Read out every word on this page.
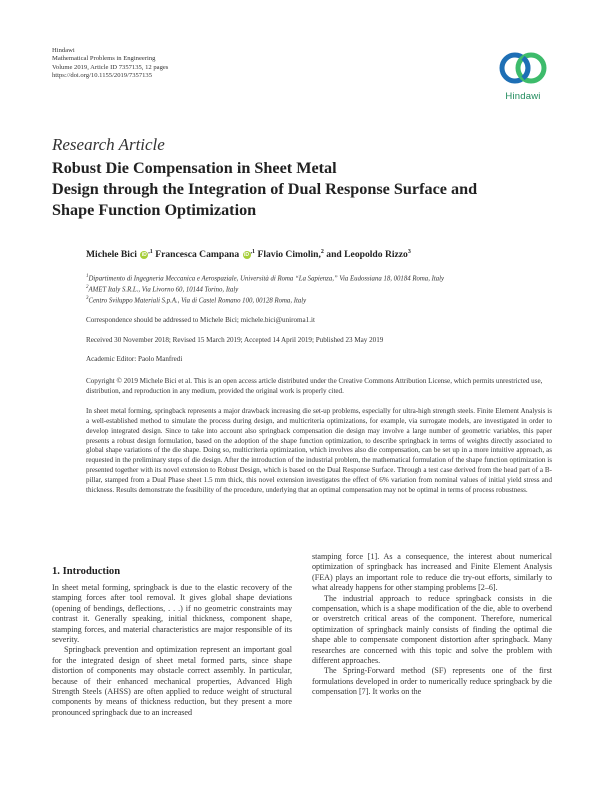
Hindawi
Mathematical Problems in Engineering
Volume 2019, Article ID 7357135, 12 pages
https://doi.org/10.1155/2019/7357135
Hindawi
Research Article
Robust Die Compensation in Sheet Metal
Design through the Integration of Dual Response Surface and
Shape Function Optimization
Michele Bici $iD^{,1}$ Francesca Campana $iD^{,1}$ Flavio Cimolin,$^2$ and Leopoldo Rizzo$^3$
$^1$Dipartimento di Ingegneria Meccanica e Aerospaziale, Università di Roma “La Sapienza,” Via Eudossiana 18, 00184 Roma, Italy
$^2$AMET Italy S.R.L., Via Livorno 60, 10144 Torino, Italy
$^3$Centro Sviluppo Materiali S.p.A., Via di Castel Romano 100, 00128 Roma, Italy
Correspondence should be addressed to Michele Bici; michele.bici@uniroma1.it
Received 30 November 2018; Revised 15 March 2019; Accepted 14 April 2019; Published 23 May 2019
Academic Editor: Paolo Manfredi
Copyright © 2019 Michele Bici et al. This is an open access article distributed under the Creative Commons Attribution License, which permits unrestricted use, distribution, and reproduction in any medium, provided the original work is properly cited.
In sheet metal forming, springback represents a major drawback increasing die set-up problems, especially for ultra-high strength steels. Finite Element Analysis is a well-established method to simulate the process during design, and multicriteria optimizations, for example, via surrogate models, are investigated in order to develop integrated design. Since to take into account also springback compensation die design may involve a large number of geometric variables, this paper presents a robust design formulation, based on the adoption of the shape function optimization, to describe springback in terms of weights directly associated to global shape variations of the die shape. Doing so, multicriteria optimization, which involves also die compensation, can be set up in a more intuitive approach, as requested in the preliminary steps of die design. After the introduction of the industrial problem, the mathematical formulation of the shape function optimization is presented together with its novel extension to Robust Design, which is based on the Dual Response Surface. Through a test case derived from the head part of a B-pillar, stamped from a Dual Phase sheet 1.5 mm thick, this novel extension investigates the effect of 6% variation from nominal values of initial yield stress and thickness. Results demonstrate the feasibility of the procedure, underlying that an optimal compensation may not be optimal in terms of process robustness.
1. Introduction

In sheet metal forming, springback is due to the elastic recovery of the stamping forces after tool removal. It gives global shape deviations (opening of bendings, deflections, . . .) if no geometric constraints may contrast it. Generally speaking, initial thickness, component shape, stamping forces, and material characteristics are major responsible of its severity.

Springback prevention and optimization represent an important goal for the integrated design of sheet metal formed parts, since shape distortion of components may obstacle correct assembly. In particular, because of their enhanced mechanical properties, Advanced High Strength Steels (AHSS) are often applied to reduce weight of structural components by means of thickness reduction, but they present a more pronounced springback due to an increased

stamping force [1]. As a consequence, the interest about numerical optimization of springback has increased and Finite Element Analysis (FEA) plays an important role to reduce die try-out efforts, similarly to what already happens for other stamping problems [2–6].

The industrial approach to reduce springback consists in die compensation, which is a shape modification of the die, able to overbend or overstretch critical areas of the component. Therefore, numerical optimization of springback mainly consists of finding the optimal die shape able to compensate component distortion after springback. Many researches are concerned with this topic and solve the problem with different approaches.

The Spring-Forward method (SF) represents one of the first formulations developed in order to numerically reduce springback by die compensation [7]. It works on the
